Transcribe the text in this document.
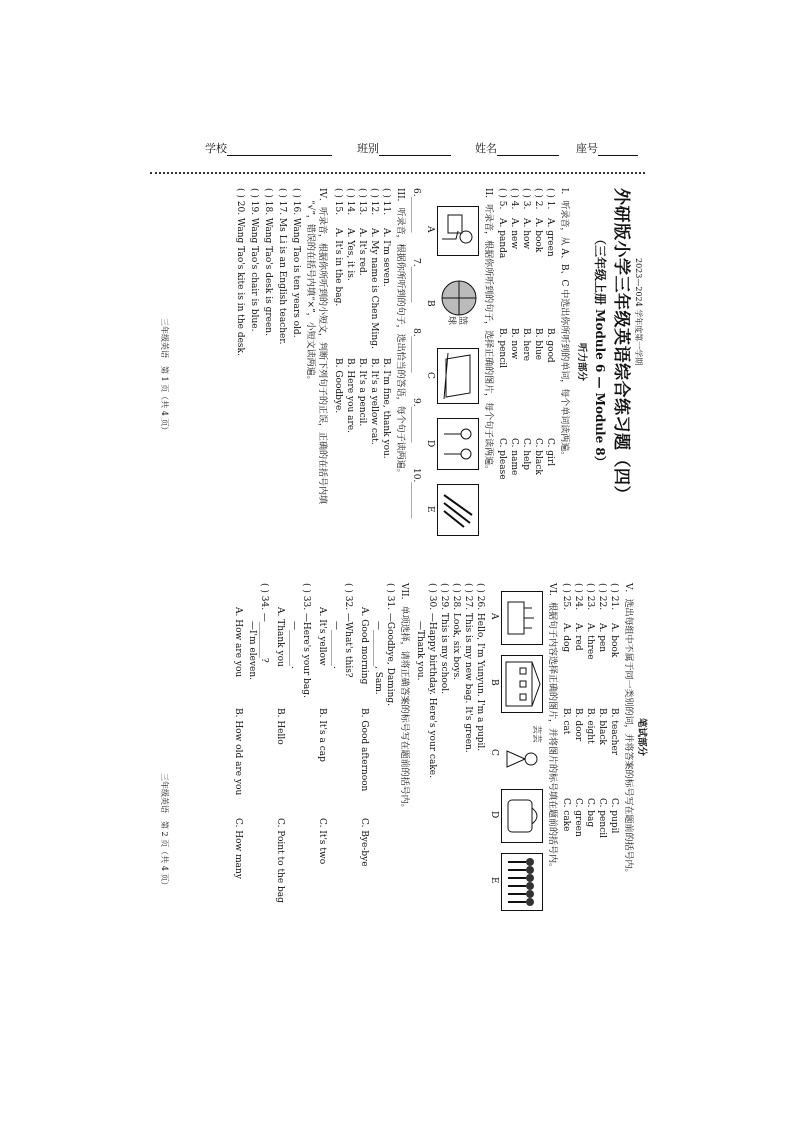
学校	班别	姓名	座号
2023—2024 学年度第一学期
外研版小学三年级英语综合练习题（四）
（三年级上册 Module 6 — Module 8）
听力部分
I．听录音，从 A、B、C 中选出你所听到的单词，每个单词读两遍。
( ) 1.
A. green
B. good
C. girl
( ) 2.
A. book
B. blue
C. black
( ) 3.
A. how
B. here
C. help
( ) 4.
A. new
B. now
C. name
( ) 5.
A. panda
B. pencil
C. please
II．听录音，根据你所听到的句子，选择正确的图片，每个句子读两遍。
篮球
A
B
C
D
E
6.________
7.________
8.________
9.________
10.________
III．听录音，根据你所听到的句子，选出恰当的答语，每个句子读两遍。
( ) 11.
A. I'm seven.
B. I'm fine, thank you.
( ) 12.
A. My name is Chen Ming.
B. It's a yellow cat.
( ) 13.
A. It's red.
B. It's a pencil.
( ) 14.
A. Yes, it is.
B. Here you are.
( ) 15.
A. It's in the bag.
B. Goodbye.
IV．听录音，根据你所听到的小短文，判断下列句子的正误，正确的在括号内填
“√”，错误的在括号内填“×”，小短文读两遍。
( ) 16. Wang Tao is ten years old.
( ) 17. Ms Li is an English teacher.
( ) 18. Wang Tao's desk is green.
( ) 19. Wang Tao's chair is blue.
( ) 20. Wang Tao's kite is in the desk.
三年级英语　第 1 页（共 4 页）
笔试部分
V．选出每组中不属于同一类别的词，并将答案的标号写在题前的括号内。
( ) 21.
A. book
B. teacher
C. pupil
( ) 22.
A. pen
B. black
C. pencil
( ) 23.
A. three
B. eight
C. bag
( ) 24.
A. red
B. door
C. green
( ) 25.
A. dog
B. cat
C. cake
VI．根据句子内容选择正确的图片，并将图片的标号填在题前的括号内。
芸芸
A
B
C
D
E
( ) 26. Hello, I'm Yunyun. I'm a pupil.
( ) 27. This is my new bag. It's green.
( ) 28. Look, six boys.
( ) 29. This is my school.
( ) 30. —Happy birthday. Here's your cake.
—Thank you.
VII．单项选择，请将正确答案的标号写在题前的括号内。
( ) 31. —Goodbye, Daming.
—________, Sam.
A. Good morning
B. Good afternoon
C. Bye-bye
( ) 32. —What's this?
—________.
A. It's yellow
B. It's a cap
C. It's two
( ) 33. —Here's your bag.
—________.
A. Thank you
B. Hello
C. Point to the bag
( ) 34. —________?
—I'm eleven.
A. How are you
B. How old are you
C. How many
三年级英语　第 2 页（共 4 页）
